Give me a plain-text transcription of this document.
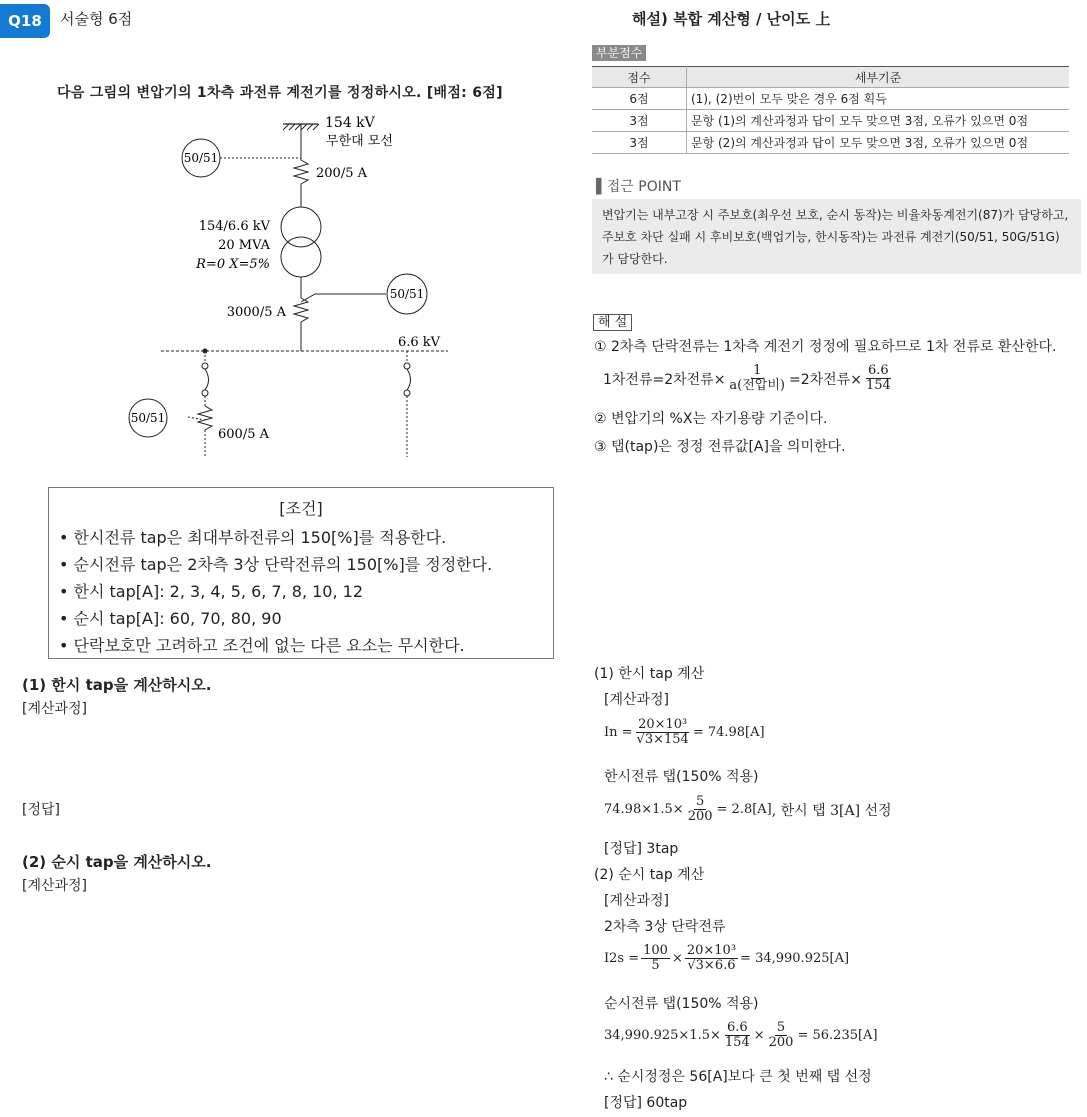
Q18	서술형 6점
다음 그림의 변압기의 1차측 과전류 계전기를 정정하시오. [배점: 6점]
154 kV
무한대 모선
50/51
200/5 A
154/6.6 kV
20 MVA
R=0 X=5%
3000/5 A
50/51
6.6 kV
600/5 A
50/51
[조건]
• 한시전류 tap은 최대부하전류의 150[%]를 적용한다.
• 순시전류 tap은 2차측 3상 단락전류의 150[%]를 정정한다.
• 한시 tap[A]: 2, 3, 4, 5, 6, 7, 8, 10, 12
• 순시 tap[A]: 60, 70, 80, 90
• 단락보호만 고려하고 조건에 없는 다른 요소는 무시한다.
(1) 한시 tap을 계산하시오.
[계산과정]
[정답]
(2) 순시 tap을 계산하시오.
[계산과정]
해설) 복합 계산형 / 난이도 上
부분점수
점수	세부기준
6점	(1), (2)번이 모두 맞은 경우 6점 획득
3점	문항 (1)의 계산과정과 답이 모두 맞으면 3점, 오류가 있으면 0점
3점	문항 (2)의 계산과정과 답이 모두 맞으면 3점, 오류가 있으면 0점
▌접근 POINT
변압기는 내부고장 시 주보호(최우선 보호, 순시 동작)는 비율차동계전기(87)가 담당하고, 주보호 차단 실패 시 후비보호(백업기능, 한시동작)는 과전류 계전기(50/51, 50G/51G)가 담당한다.
해 설
① 2차측 단락전류는 1차측 계전기 정정에 필요하므로 1차 전류로 환산한다.
1차전류=2차전류× $\frac{1}{\text{a(전압비)}} =2$차전류× $\frac{6.6}{154}$
② 변압기의 %X는 자기용량 기준이다.
③ 탭(tap)은 정정 전류값[A]을 의미한다.
(1) 한시 tap 계산
[계산과정]
$In = \frac{\text{20×10³}}{√3\times 154} = 74.98[A]$
한시전류 탭(150% 적용)
$74.98\times 1.5\times \frac{5}{200} = 2.8[A]$ , 한시 탭 3[A] 선정
[정답] 3tap
(2) 순시 tap 계산
[계산과정]
2차측 3상 단락전류
$I2s = \frac{100}{5} \times \frac{\text{20×10³}}{√3\times 6.6} = 34,990.925[A]$
순시전류 탭(150% 적용)
$34,990.925\times 1.5\times \frac{6.6}{154} \times \frac{5}{200} = 56.235[A]$
∴ 순시정정은 56[A]보다 큰 첫 번째 탭 선정
[정답] 60tap
